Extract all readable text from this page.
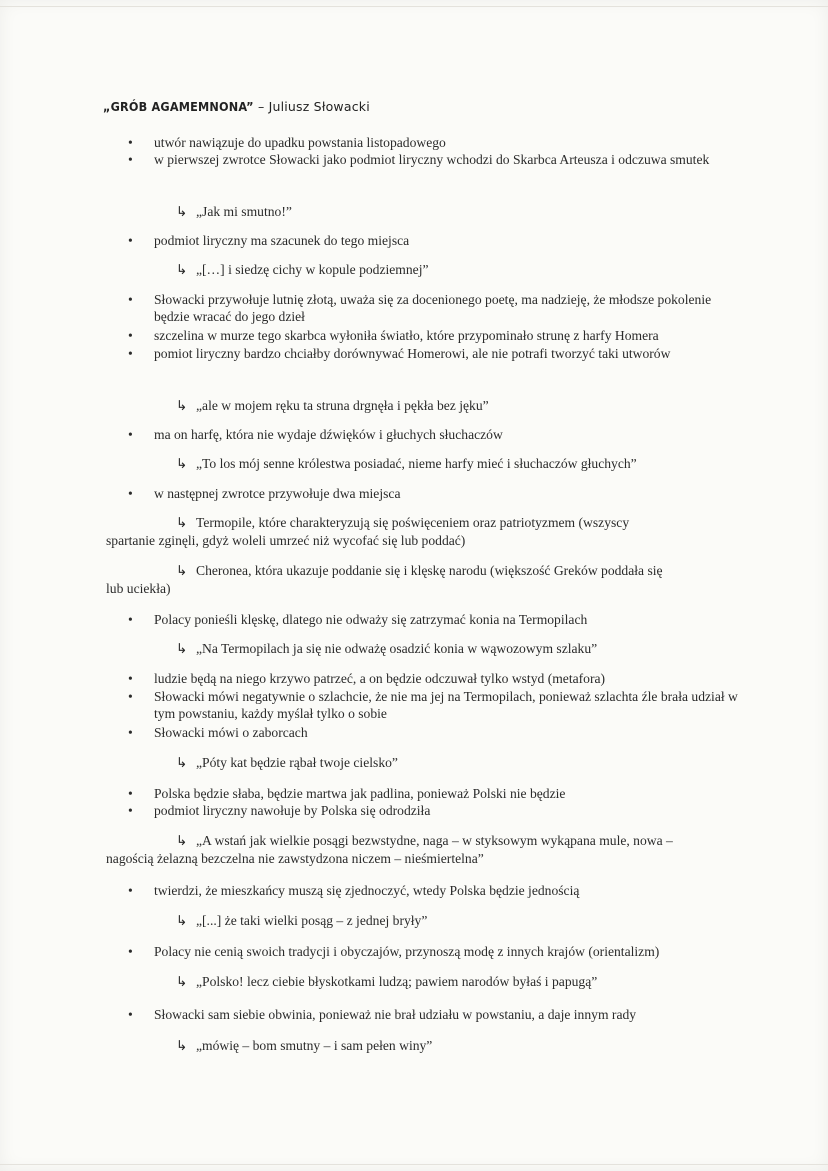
„GRÓB AGAMEMNONA” – Juliusz Słowacki
• utwór nawiązuje do upadku powstania listopadowego
• w pierwszej zwrotce Słowacki jako podmiot liryczny wchodzi do Skarbca Arteusza i odczuwa smutek
↳ „Jak mi smutno!”
• podmiot liryczny ma szacunek do tego miejsca
↳ „[…] i siedzę cichy w kopule podziemnej”
• Słowacki przywołuje lutnię złotą, uważa się za docenionego poetę, ma nadzieję, że młodsze pokolenie będzie wracać do jego dzieł
• szczelina w murze tego skarbca wyłoniła światło, które przypominało strunę z harfy Homera
• pomiot liryczny bardzo chciałby dorównywać Homerowi, ale nie potrafi tworzyć taki utworów
↳ „ale w mojem ręku ta struna drgnęła i pękła bez jęku”
• ma on harfę, która nie wydaje dźwięków i głuchych słuchaczów
↳ „To los mój senne królestwa posiadać, nieme harfy mieć i słuchaczów głuchych”
• w następnej zwrotce przywołuje dwa miejsca
↳ Termopile, które charakteryzują się poświęceniem oraz patriotyzmem (wszyscy
spartanie zginęli, gdyż woleli umrzeć niż wycofać się lub poddać)
↳ Cheronea, która ukazuje poddanie się i klęskę narodu (większość Greków poddała się
lub uciekła)
• Polacy ponieśli klęskę, dlatego nie odważy się zatrzymać konia na Termopilach
↳ „Na Termopilach ja się nie odważę osadzić konia w wąwozowym szlaku”
• ludzie będą na niego krzywo patrzeć, a on będzie odczuwał tylko wstyd (metafora)
• Słowacki mówi negatywnie o szlachcie, że nie ma jej na Termopilach, ponieważ szlachta źle brała udział w tym powstaniu, każdy myślał tylko o sobie
• Słowacki mówi o zaborcach
↳ „Póty kat będzie rąbał twoje cielsko”
• Polska będzie słaba, będzie martwa jak padlina, ponieważ Polski nie będzie
• podmiot liryczny nawołuje by Polska się odrodziła
↳ „A wstań jak wielkie posągi bezwstydne, naga – w styksowym wykąpana mule, nowa –
nagością żelazną bezczelna nie zawstydzona niczem – nieśmiertelna”
• twierdzi, że mieszkańcy muszą się zjednoczyć, wtedy Polska będzie jednością
↳ „[...] że taki wielki posąg – z jednej bryły”
• Polacy nie cenią swoich tradycji i obyczajów, przynoszą modę z innych krajów (orientalizm)
↳ „Polsko! lecz ciebie błyskotkami ludzą; pawiem narodów byłaś i papugą”
• Słowacki sam siebie obwinia, ponieważ nie brał udziału w powstaniu, a daje innym rady
↳ „mówię – bom smutny – i sam pełen winy”
